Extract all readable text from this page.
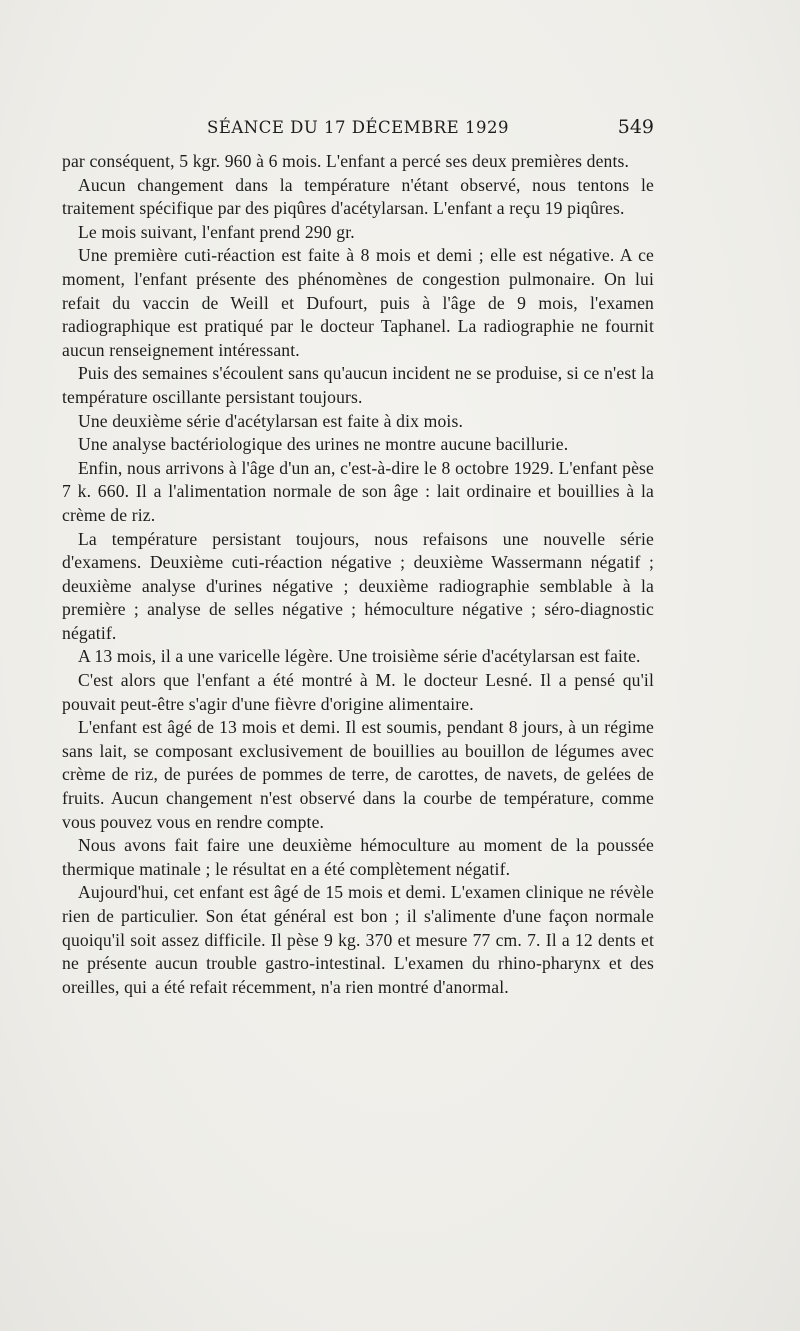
SÉANCE DU 17 DÉCEMBRE 1929	549

par conséquent, 5 kgr. 960 à 6 mois. L'enfant a percé ses deux premières dents.

Aucun changement dans la température n'étant observé, nous tentons le traitement spécifique par des piqûres d'acétylarsan. L'enfant a reçu 19 piqûres.

Le mois suivant, l'enfant prend 290 gr.

Une première cuti-réaction est faite à 8 mois et demi ; elle est négative. A ce moment, l'enfant présente des phénomènes de congestion pulmonaire. On lui refait du vaccin de Weill et Dufourt, puis à l'âge de 9 mois, l'examen radiographique est pratiqué par le docteur Taphanel. La radiographie ne fournit aucun renseignement intéressant.

Puis des semaines s'écoulent sans qu'aucun incident ne se produise, si ce n'est la température oscillante persistant toujours.

Une deuxième série d'acétylarsan est faite à dix mois.

Une analyse bactériologique des urines ne montre aucune bacillurie.

Enfin, nous arrivons à l'âge d'un an, c'est-à-dire le 8 octobre 1929. L'enfant pèse 7 k. 660. Il a l'alimentation normale de son âge : lait ordinaire et bouillies à la crème de riz.

La température persistant toujours, nous refaisons une nouvelle série d'examens. Deuxième cuti-réaction négative ; deuxième Wassermann négatif ; deuxième analyse d'urines négative ; deuxième radiographie semblable à la première ; analyse de selles négative ; hémoculture négative ; séro-diagnostic négatif.

A 13 mois, il a une varicelle légère. Une troisième série d'acétylarsan est faite.

C'est alors que l'enfant a été montré à M. le docteur Lesné. Il a pensé qu'il pouvait peut-être s'agir d'une fièvre d'origine alimentaire.

L'enfant est âgé de 13 mois et demi. Il est soumis, pendant 8 jours, à un régime sans lait, se composant exclusivement de bouillies au bouillon de légumes avec crème de riz, de purées de pommes de terre, de carottes, de navets, de gelées de fruits. Aucun changement n'est observé dans la courbe de température, comme vous pouvez vous en rendre compte.

Nous avons fait faire une deuxième hémoculture au moment de la poussée thermique matinale ; le résultat en a été complètement négatif.

Aujourd'hui, cet enfant est âgé de 15 mois et demi. L'examen clinique ne révèle rien de particulier. Son état général est bon ; il s'alimente d'une façon normale quoiqu'il soit assez difficile. Il pèse 9 kg. 370 et mesure 77 cm. 7. Il a 12 dents et ne présente aucun trouble gastro-intestinal. L'examen du rhino-pharynx et des oreilles, qui a été refait récemment, n'a rien montré d'anormal.
